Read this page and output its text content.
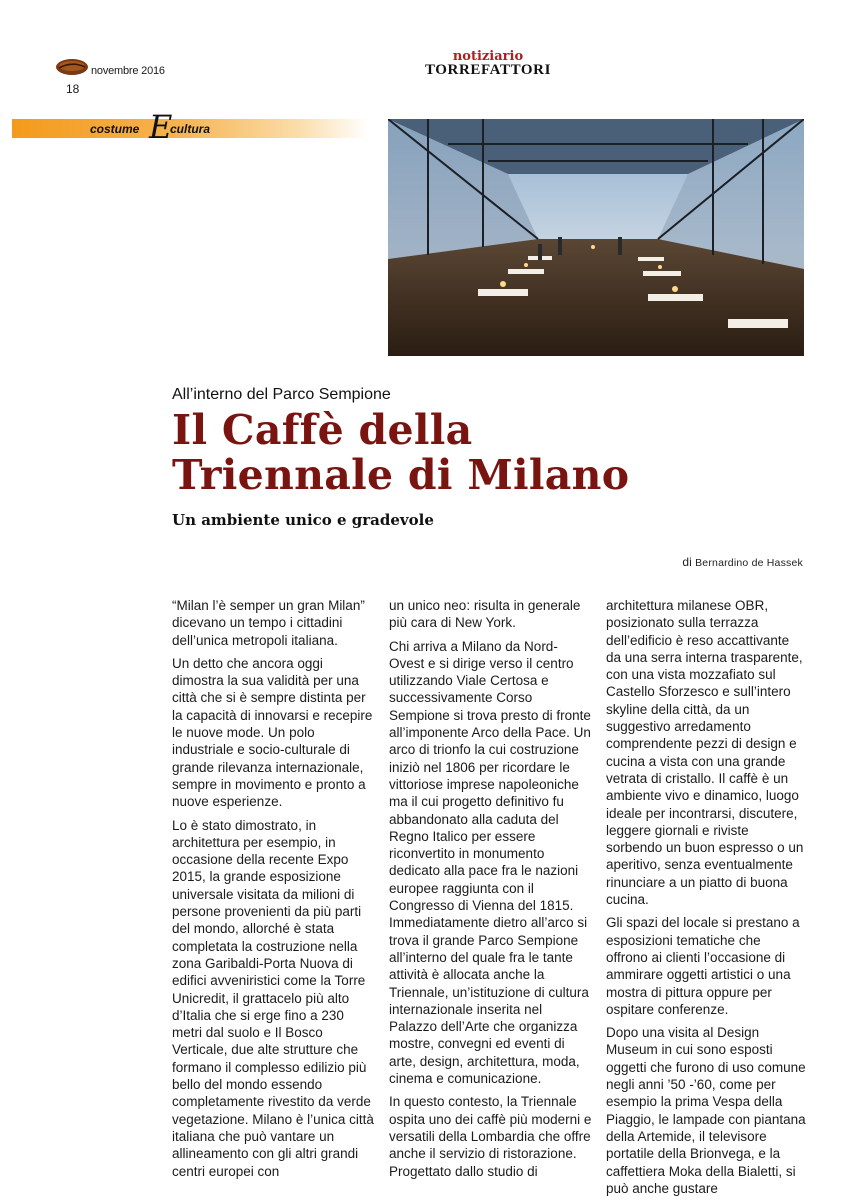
novembre 2016
18
notiziario
TORREFATTORI
costume E
cultura
All’interno del Parco Sempione
Il Caffè della
Triennale di Milano
Un ambiente unico e gradevole
di Bernardino de Hassek

“Milan l’è semper un gran Milan” dicevano un tempo i cittadini dell’unica metropoli italiana.

Un detto che ancora oggi dimostra la sua validità per una città che si è sempre distinta per la capacità di innovarsi e recepire le nuove mode. Un polo industriale e socio-culturale di grande rilevanza internazionale, sempre in movimento e pronto a nuove esperienze.

Lo è stato dimostrato, in architettura per esempio, in occasione della recente Expo 2015, la grande esposizione universale visitata da milioni di persone provenienti da più parti del mondo, allorché è stata completata la costruzione nella zona Garibaldi-Porta Nuova di edifici avveniristici come la Torre Unicredit, il grattacelo più alto d’Italia che si erge fino a 230 metri dal suolo e Il Bosco Verticale, due alte strutture che formano il complesso edilizio più bello del mondo essendo completamente rivestito da verde vegetazione. Milano è l’unica città italiana che può vantare un allineamento con gli altri grandi centri europei con

un unico neo: risulta in generale più cara di New York.

Chi arriva a Milano da Nord-Ovest e si dirige verso il centro utilizzando Viale Certosa e successivamente Corso Sempione si trova presto di fronte all’imponente Arco della Pace. Un arco di trionfo la cui costruzione iniziò nel 1806 per ricordare le vittoriose imprese napoleoniche ma il cui progetto definitivo fu abbandonato alla caduta del Regno Italico per essere riconvertito in monumento dedicato alla pace fra le nazioni europee raggiunta con il Congresso di Vienna del 1815. Immediatamente dietro all’arco si trova il grande Parco Sempione all’interno del quale fra le tante attività è allocata anche la Triennale, un’istituzione di cultura internazionale inserita nel Palazzo dell’Arte che organizza mostre, convegni ed eventi di arte, design, architettura, moda, cinema e comunicazione.

In questo contesto, la Triennale ospita uno dei caffè più moderni e versatili della Lombardia che offre anche il servizio di ristorazione. Progettato dallo studio di

architettura milanese OBR, posizionato sulla terrazza dell’edificio è reso accattivante da una serra interna trasparente, con una vista mozzafiato sul Castello Sforzesco e sull’intero skyline della città, da un suggestivo arredamento comprendente pezzi di design e cucina a vista con una grande vetrata di cristallo. Il caffè è un ambiente vivo e dinamico, luogo ideale per incontrarsi, discutere, leggere giornali e riviste sorbendo un buon espresso o un aperitivo, senza eventualmente rinunciare a un piatto di buona cucina.

Gli spazi del locale si prestano a esposizioni tematiche che offrono ai clienti l’occasione di ammirare oggetti artistici o una mostra di pittura oppure per ospitare conferenze.

Dopo una visita al Design Museum in cui sono esposti oggetti che furono di uso comune negli anni ’50 -’60, come per esempio la prima Vespa della Piaggio, le lampade con piantana della Artemide, il televisore portatile della Brionvega, e la caffettiera Moka della Bialetti, si può anche gustare
